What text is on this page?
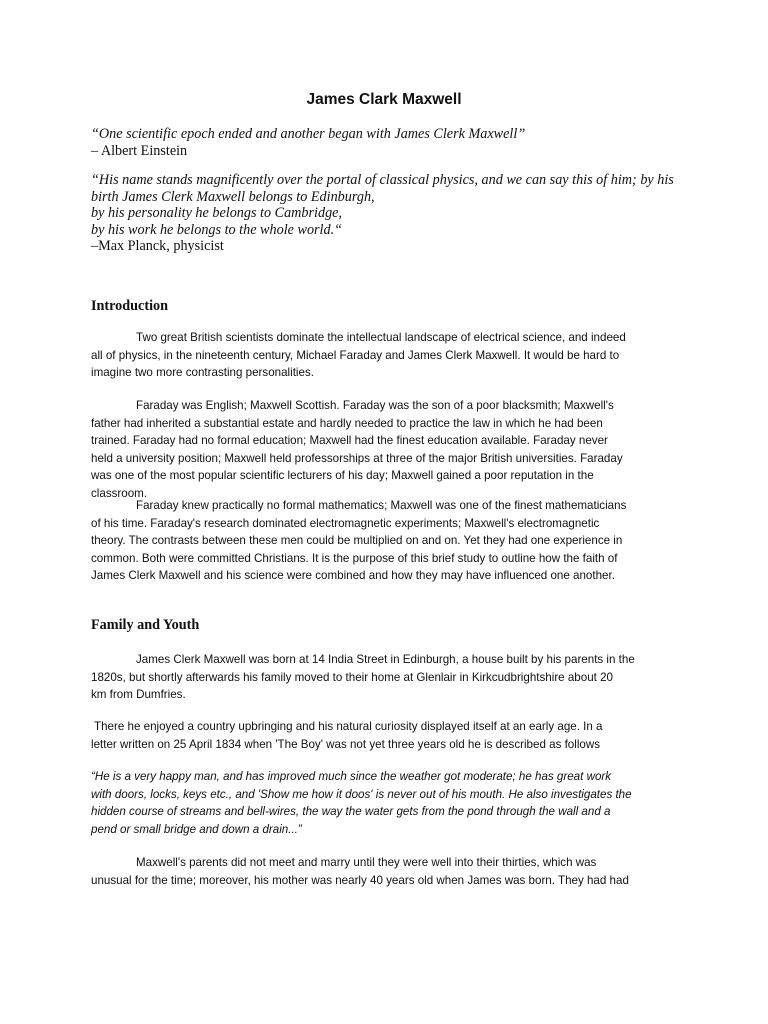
James Clark Maxwell
“One scientific epoch ended and another began with James Clerk Maxwell”
– Albert Einstein
“His name stands magnificently over the portal of classical physics, and we can say this of him; by his
birth James Clerk Maxwell belongs to Edinburgh,
by his personality he belongs to Cambridge,
by his work he belongs to the whole world.“
–Max Planck, physicist
Introduction
Two great British scientists dominate the intellectual landscape of electrical science, and indeed
all of physics, in the nineteenth century, Michael Faraday and James Clerk Maxwell. It would be hard to
imagine two more contrasting personalities.
Faraday was English; Maxwell Scottish. Faraday was the son of a poor blacksmith; Maxwell's
father had inherited a substantial estate and hardly needed to practice the law in which he had been
trained. Faraday had no formal education; Maxwell had the finest education available. Faraday never
held a university position; Maxwell held professorships at three of the major British universities. Faraday
was one of the most popular scientific lecturers of his day; Maxwell gained a poor reputation in the
classroom.
Faraday knew practically no formal mathematics; Maxwell was one of the finest mathematicians
of his time. Faraday's research dominated electromagnetic experiments; Maxwell's electromagnetic
theory. The contrasts between these men could be multiplied on and on. Yet they had one experience in
common. Both were committed Christians. It is the purpose of this brief study to outline how the faith of
James Clerk Maxwell and his science were combined and how they may have influenced one another.
Family and Youth
James Clerk Maxwell was born at 14 India Street in Edinburgh, a house built by his parents in the
1820s, but shortly afterwards his family moved to their home at Glenlair in Kirkcudbrightshire about 20
km from Dumfries.
There he enjoyed a country upbringing and his natural curiosity displayed itself at an early age. In a
letter written on 25 April 1834 when 'The Boy' was not yet three years old he is described as follows
“He is a very happy man, and has improved much since the weather got moderate; he has great work
with doors, locks, keys etc., and 'Show me how it doos' is never out of his mouth. He also investigates the
hidden course of streams and bell-wires, the way the water gets from the pond through the wall and a
pend or small bridge and down a drain...”
Maxwell's parents did not meet and marry until they were well into their thirties, which was
unusual for the time; moreover, his mother was nearly 40 years old when James was born. They had had
